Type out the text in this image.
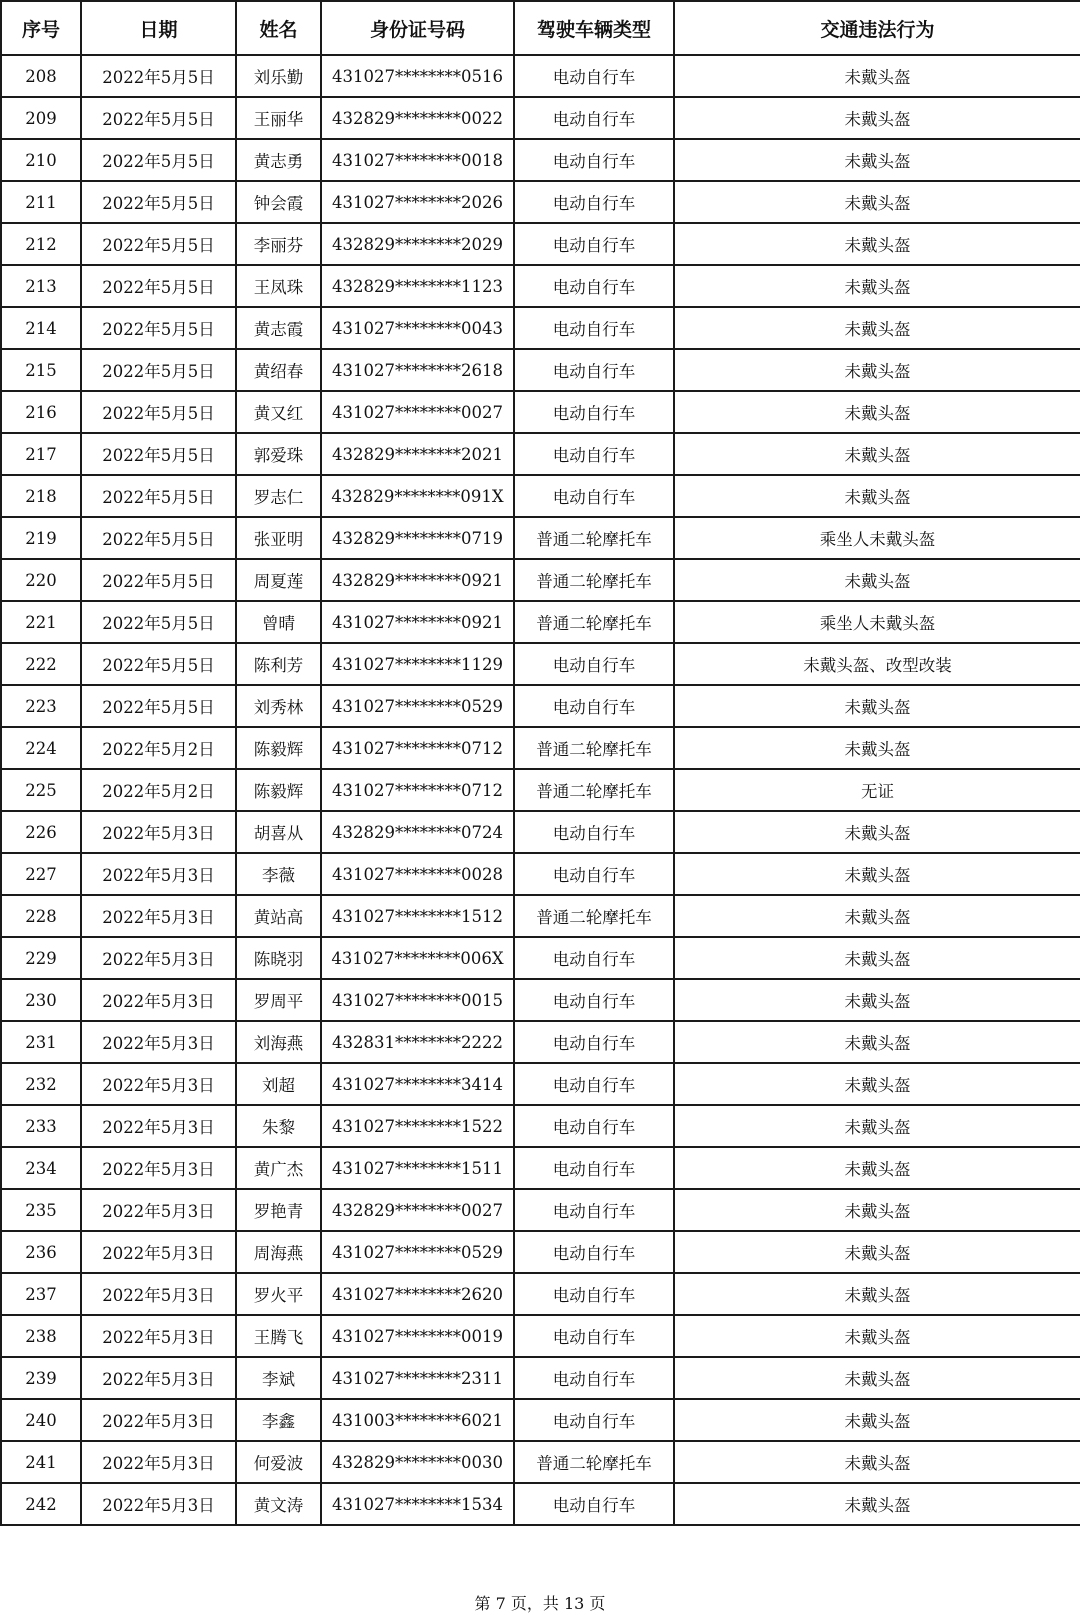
序号	日期	姓名	身份证号码	驾驶车辆类型	交通违法行为
208	2022年5月5日	刘乐勤	431027********0516	电动自行车	未戴头盔
209	2022年5月5日	王丽华	432829********0022	电动自行车	未戴头盔
210	2022年5月5日	黄志勇	431027********0018	电动自行车	未戴头盔
211	2022年5月5日	钟会霞	431027********2026	电动自行车	未戴头盔
212	2022年5月5日	李丽芬	432829********2029	电动自行车	未戴头盔
213	2022年5月5日	王凤珠	432829********1123	电动自行车	未戴头盔
214	2022年5月5日	黄志霞	431027********0043	电动自行车	未戴头盔
215	2022年5月5日	黄绍春	431027********2618	电动自行车	未戴头盔
216	2022年5月5日	黄又红	431027********0027	电动自行车	未戴头盔
217	2022年5月5日	郭爱珠	432829********2021	电动自行车	未戴头盔
218	2022年5月5日	罗志仁	432829********091X	电动自行车	未戴头盔
219	2022年5月5日	张亚明	432829********0719	普通二轮摩托车	乘坐人未戴头盔
220	2022年5月5日	周夏莲	432829********0921	普通二轮摩托车	未戴头盔
221	2022年5月5日	曾晴	431027********0921	普通二轮摩托车	乘坐人未戴头盔
222	2022年5月5日	陈利芳	431027********1129	电动自行车	未戴头盔、改型改装
223	2022年5月5日	刘秀林	431027********0529	电动自行车	未戴头盔
224	2022年5月2日	陈毅辉	431027********0712	普通二轮摩托车	未戴头盔
225	2022年5月2日	陈毅辉	431027********0712	普通二轮摩托车	无证
226	2022年5月3日	胡喜从	432829********0724	电动自行车	未戴头盔
227	2022年5月3日	李薇	431027********0028	电动自行车	未戴头盔
228	2022年5月3日	黄站高	431027********1512	普通二轮摩托车	未戴头盔
229	2022年5月3日	陈晓羽	431027********006X	电动自行车	未戴头盔
230	2022年5月3日	罗周平	431027********0015	电动自行车	未戴头盔
231	2022年5月3日	刘海燕	432831********2222	电动自行车	未戴头盔
232	2022年5月3日	刘超	431027********3414	电动自行车	未戴头盔
233	2022年5月3日	朱黎	431027********1522	电动自行车	未戴头盔
234	2022年5月3日	黄广杰	431027********1511	电动自行车	未戴头盔
235	2022年5月3日	罗艳青	432829********0027	电动自行车	未戴头盔
236	2022年5月3日	周海燕	431027********0529	电动自行车	未戴头盔
237	2022年5月3日	罗火平	431027********2620	电动自行车	未戴头盔
238	2022年5月3日	王腾飞	431027********0019	电动自行车	未戴头盔
239	2022年5月3日	李斌	431027********2311	电动自行车	未戴头盔
240	2022年5月3日	李鑫	431003********6021	电动自行车	未戴头盔
241	2022年5月3日	何爱波	432829********0030	普通二轮摩托车	未戴头盔
242	2022年5月3日	黄文涛	431027********1534	电动自行车	未戴头盔
第 7 页，共 13 页
